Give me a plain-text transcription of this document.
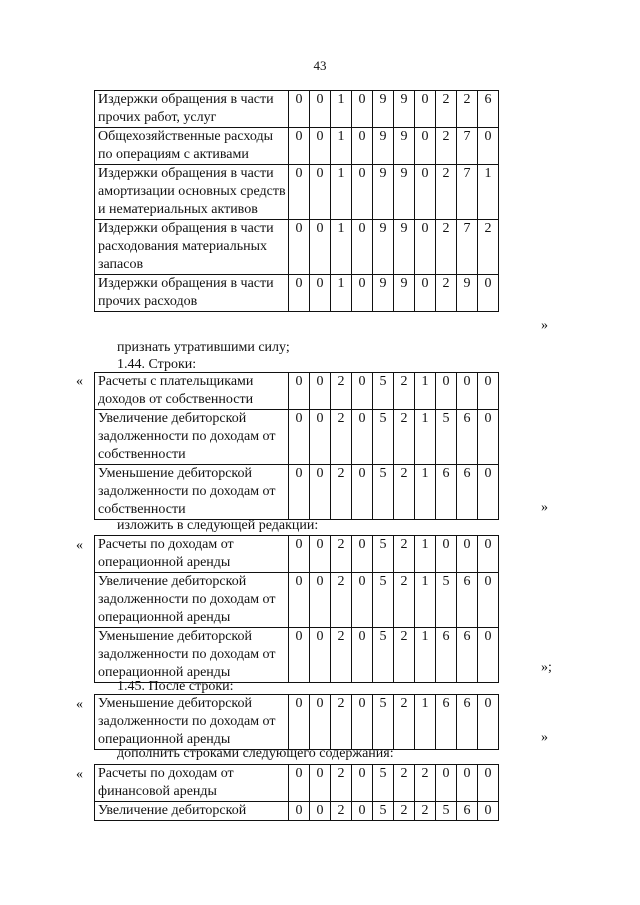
43
Издержки обращения в части прочих работ, услуг	0	0	1	0	9	9	0	2	2	6
Общехозяйственные расходы по операциям с активами	0	0	1	0	9	9	0	2	7	0
Издержки обращения в части амортизации основных средств и нематериальных активов	0	0	1	0	9	9	0	2	7	1
Издержки обращения в части расходования материальных запасов	0	0	1	0	9	9	0	2	7	2
Издержки обращения в части прочих расходов	0	0	1	0	9	9	0	2	9	0
»
признать утратившими силу;
1.44. Строки:
« Расчеты с плательщиками доходов от собственности	0	0	2	0	5	2	1	0	0	0
Увеличение дебиторской задолженности по доходам от собственности	0	0	2	0	5	2	1	5	6	0
Уменьшение дебиторской задолженности по доходам от собственности	0	0	2	0	5	2	1	6	6	0
»
изложить в следующей редакции:
« Расчеты по доходам от операционной аренды	0	0	2	0	5	2	1	0	0	0
Увеличение дебиторской задолженности по доходам от операционной аренды	0	0	2	0	5	2	1	5	6	0
Уменьшение дебиторской задолженности по доходам от операционной аренды	0	0	2	0	5	2	1	6	6	0
»;
1.45. После строки:
« Уменьшение дебиторской задолженности по доходам от операционной аренды	0	0	2	0	5	2	1	6	6	0
»
дополнить строками следующего содержания:
« Расчеты по доходам от финансовой аренды	0	0	2	0	5	2	2	0	0	0
Увеличение дебиторской	0	0	2	0	5	2	2	5	6	0
